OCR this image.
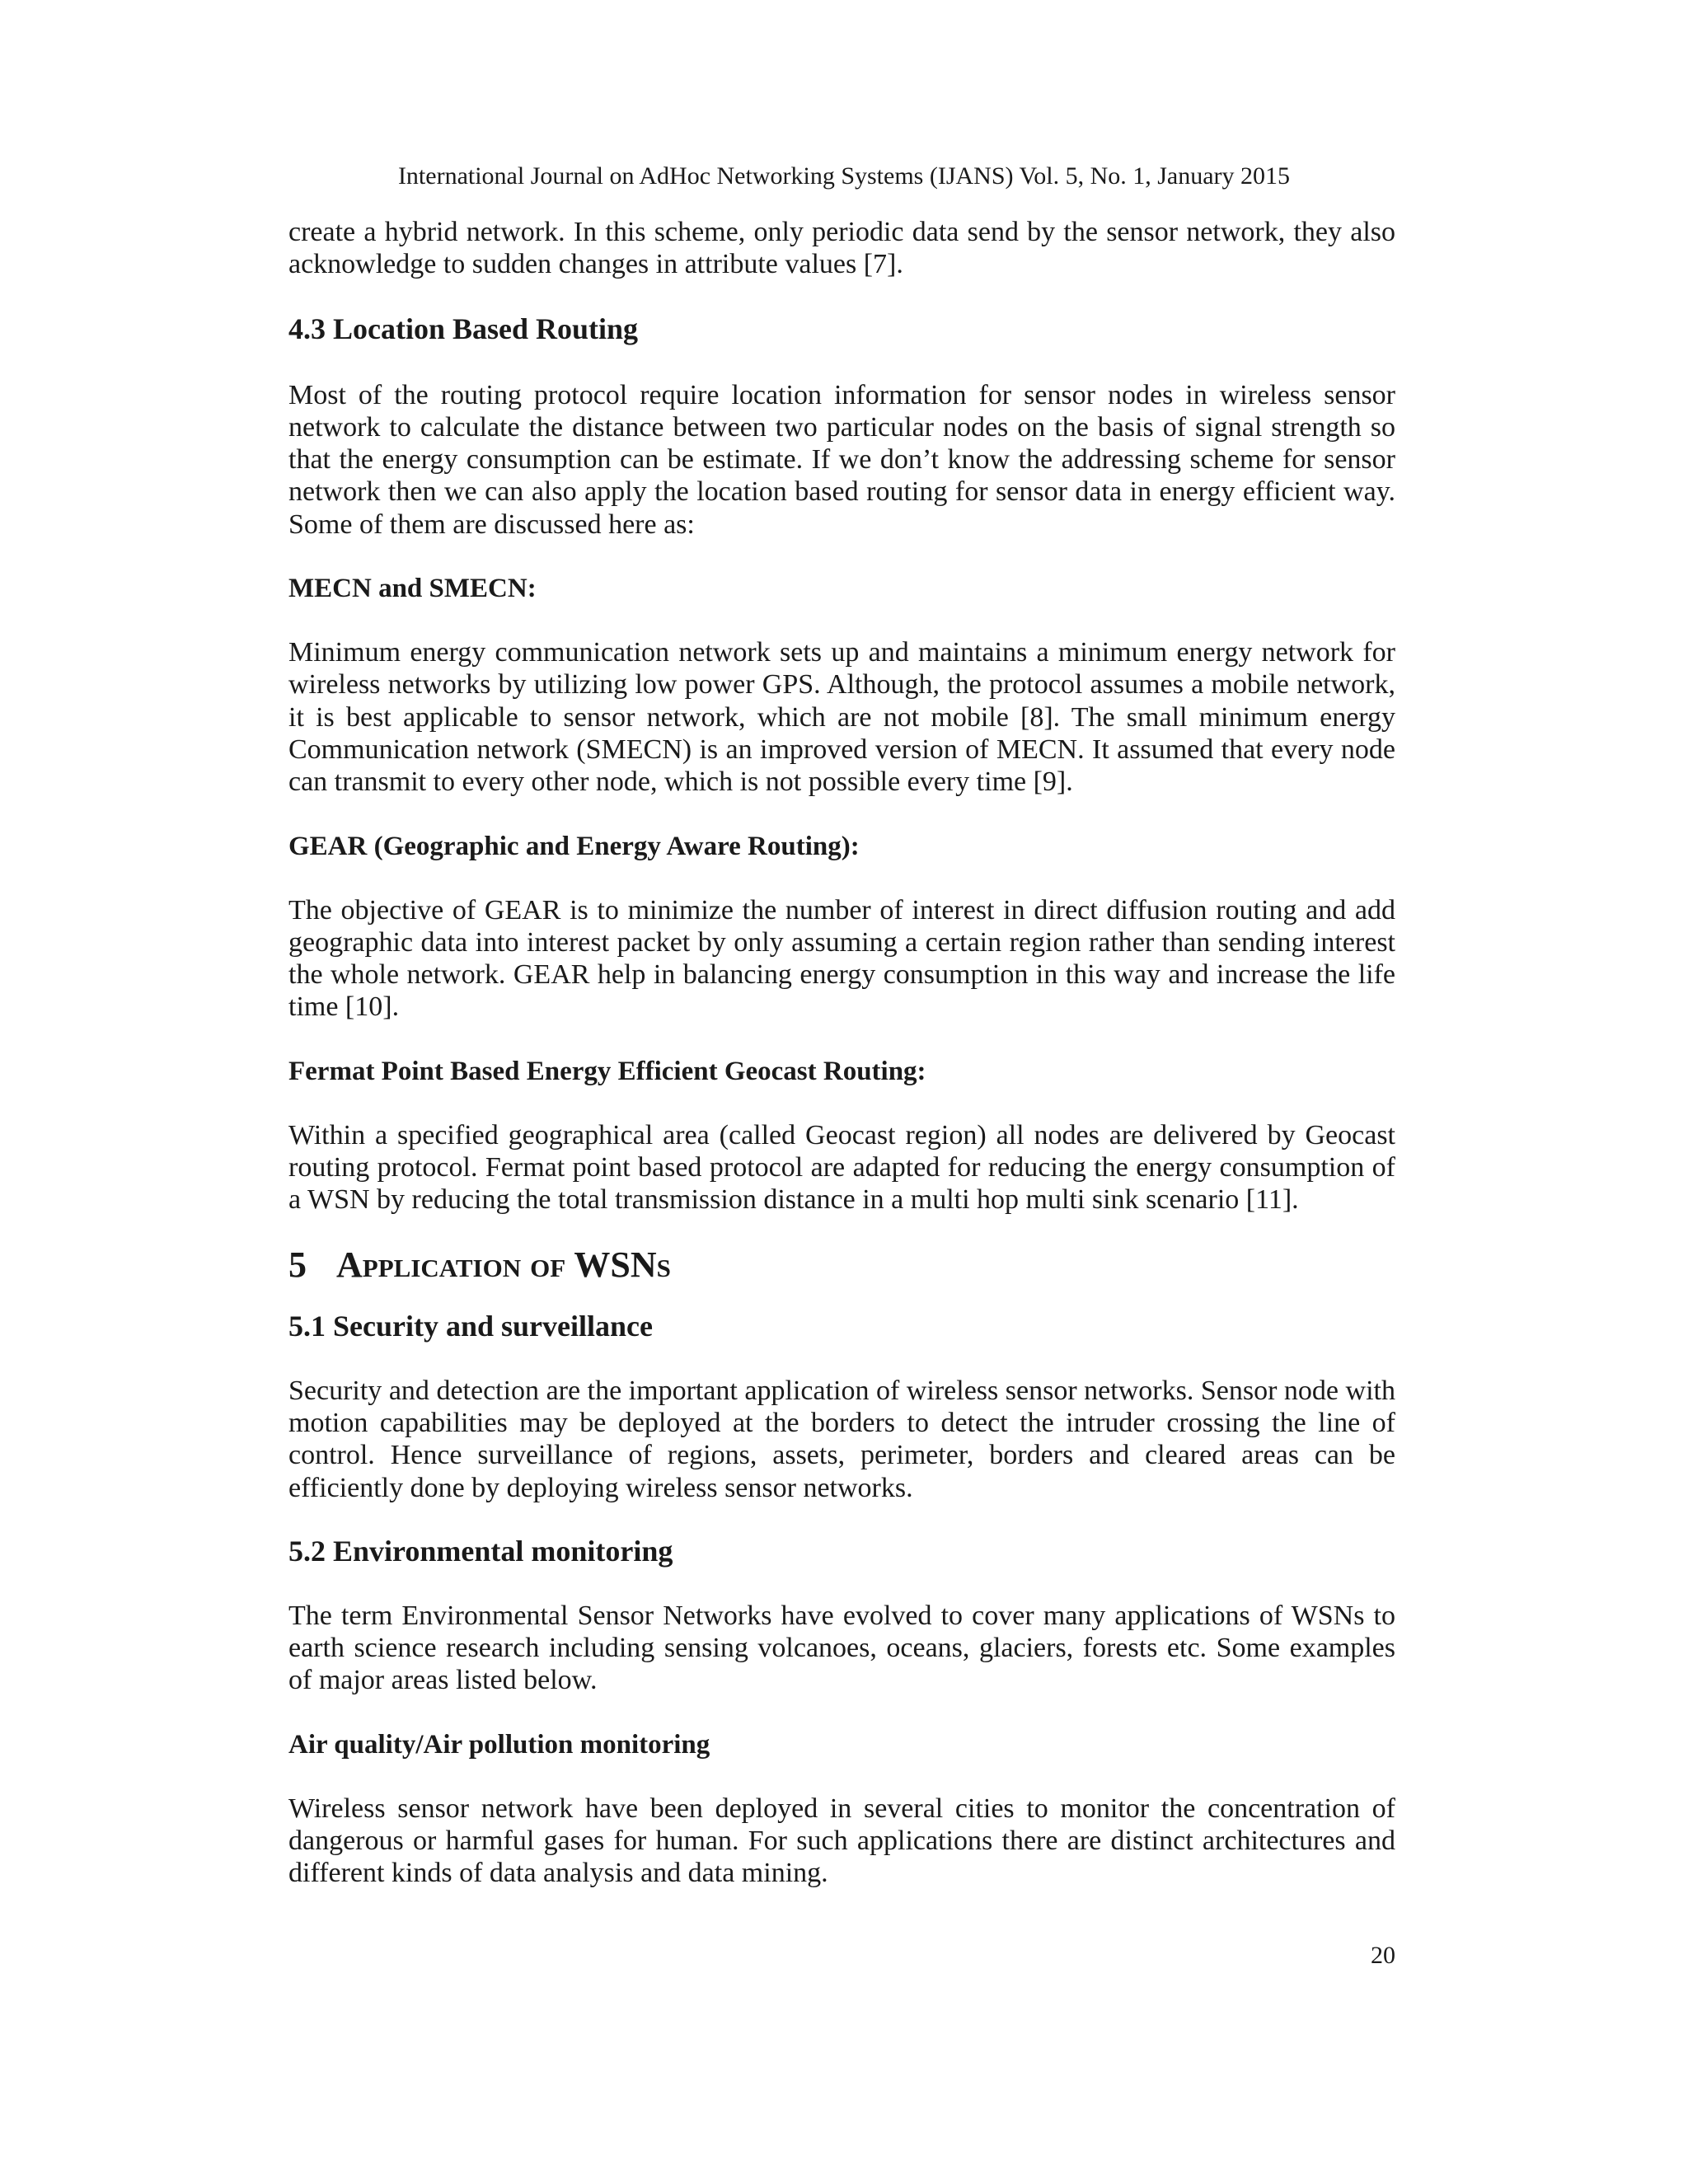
International Journal on AdHoc Networking Systems (IJANS) Vol. 5, No. 1, January 2015

create a hybrid network. In this scheme, only periodic data send by the sensor network, they also acknowledge to sudden changes in attribute values [7].

4.3 Location Based Routing

Most of the routing protocol require location information for sensor nodes in wireless sensor network to calculate the distance between two particular nodes on the basis of signal strength so that the energy consumption can be estimate. If we don’t know the addressing scheme for sensor network then we can also apply the location based routing for sensor data in energy efficient way. Some of them are discussed here as:

MECN and SMECN:

Minimum energy communication network sets up and maintains a minimum energy network for wireless networks by utilizing low power GPS. Although, the protocol assumes a mobile network, it is best applicable to sensor network, which are not mobile [8]. The small minimum energy Communication network (SMECN) is an improved version of MECN. It assumed that every node can transmit to every other node, which is not possible every time [9].

GEAR (Geographic and Energy Aware Routing):

The objective of GEAR is to minimize the number of interest in direct diffusion routing and add geographic data into interest packet by only assuming a certain region rather than sending interest the whole network. GEAR help in balancing energy consumption in this way and increase the life time [10].

Fermat Point Based Energy Efficient Geocast Routing:

Within a specified geographical area (called Geocast region) all nodes are delivered by Geocast routing protocol. Fermat point based protocol are adapted for reducing the energy consumption of a WSN by reducing the total transmission distance in a multi hop multi sink scenario [11].

5 Application of WSNs
5.1 Security and surveillance

Security and detection are the important application of wireless sensor networks. Sensor node with motion capabilities may be deployed at the borders to detect the intruder crossing the line of control. Hence surveillance of regions, assets, perimeter, borders and cleared areas can be efficiently done by deploying wireless sensor networks.

5.2 Environmental monitoring

The term Environmental Sensor Networks have evolved to cover many applications of WSNs to earth science research including sensing volcanoes, oceans, glaciers, forests etc. Some examples of major areas listed below.

Air quality/Air pollution monitoring

Wireless sensor network have been deployed in several cities to monitor the concentration of dangerous or harmful gases for human. For such applications there are distinct architectures and different kinds of data analysis and data mining.

20
